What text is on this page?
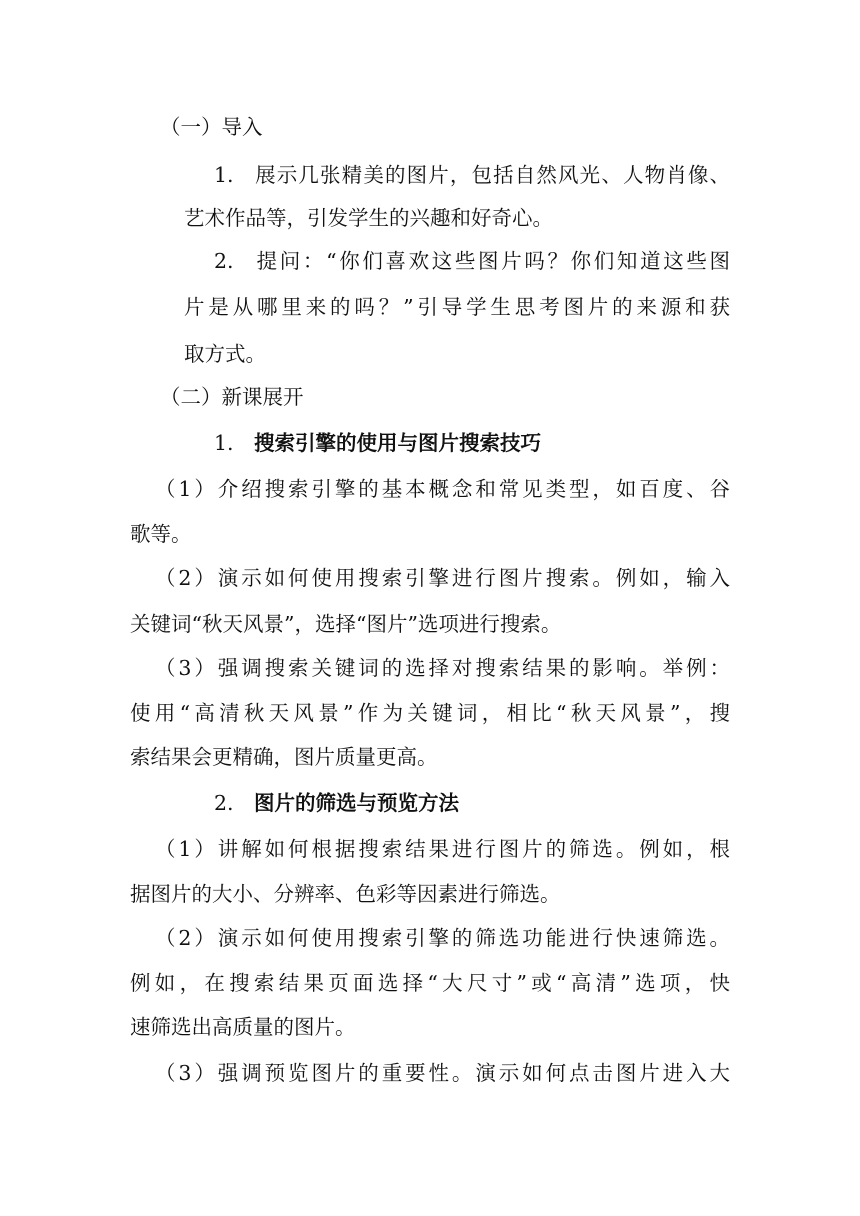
（一）导入
1. 展示几张精美的图片，包括自然风光、人物肖像、
艺术作品等，引发学生的兴趣和好奇心。
2. 提问：“你们喜欢这些图片吗？你们知道这些图
片是从哪里来的吗？”引导学生思考图片的来源和获
取方式。
（二）新课展开
1. 搜索引擎的使用与图片搜索技巧
（1）介绍搜索引擎的基本概念和常见类型，如百度、谷
歌等。
（2）演示如何使用搜索引擎进行图片搜索。例如，输入
关键词“秋天风景”，选择“图片”选项进行搜索。
（3）强调搜索关键词的选择对搜索结果的影响。举例：
使用“高清秋天风景”作为关键词，相比“秋天风景”，搜
索结果会更精确，图片质量更高。
2. 图片的筛选与预览方法
（1）讲解如何根据搜索结果进行图片的筛选。例如，根
据图片的大小、分辨率、色彩等因素进行筛选。
（2）演示如何使用搜索引擎的筛选功能进行快速筛选。
例如，在搜索结果页面选择“大尺寸”或“高清”选项，快
速筛选出高质量的图片。
（3）强调预览图片的重要性。演示如何点击图片进入大
